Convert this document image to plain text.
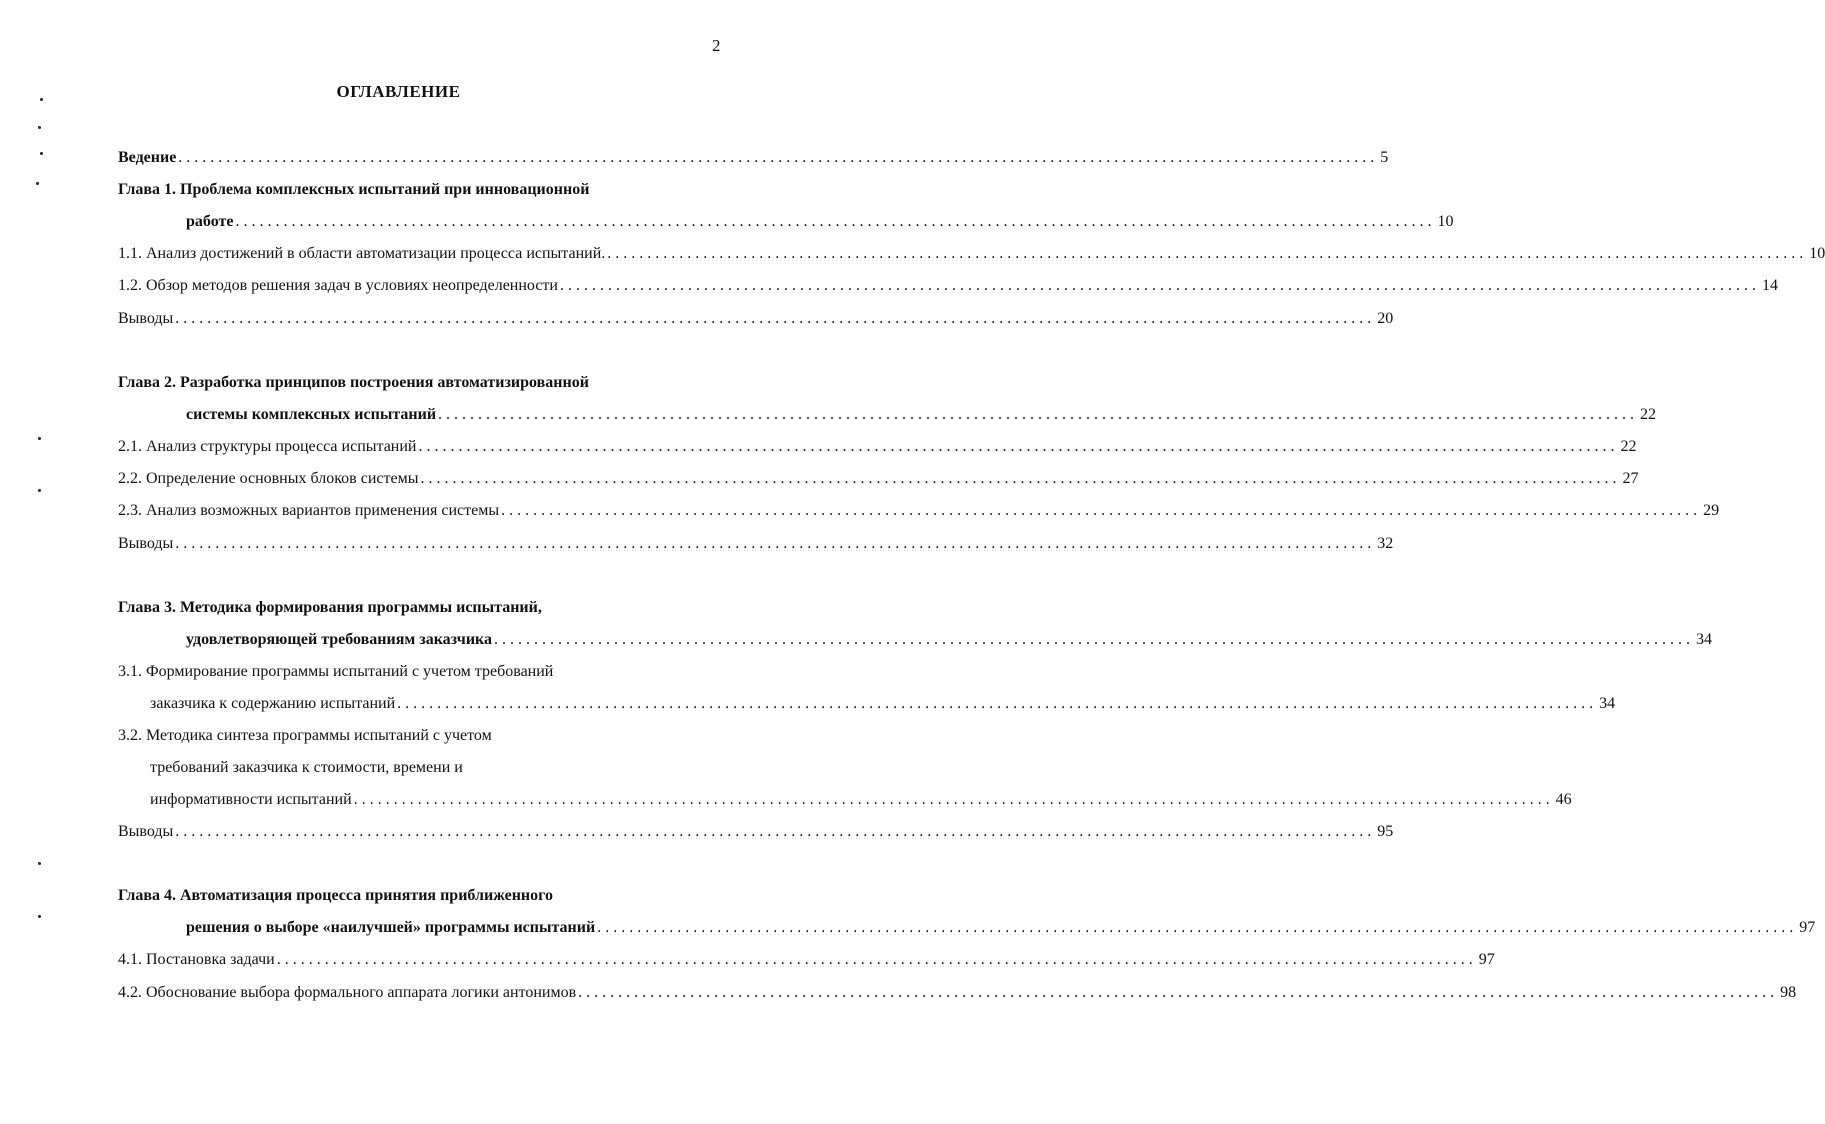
2
ОГЛАВЛЕНИЕ
Ведение ...................................................................................................................................................... 5
Глава 1. Проблема комплексных испытаний при инновационной
работе ...................................................................................................................................................... 10
1.1. Анализ достижений в области автоматизации процесса испытаний. ...................................................................................................................................................... 10
1.2. Обзор методов решения задач в условиях неопределенности ...................................................................................................................................................... 14
Выводы ...................................................................................................................................................... 20
Глава 2. Разработка принципов построения автоматизированной
системы комплексных испытаний ...................................................................................................................................................... 22
2.1. Анализ структуры процесса испытаний ...................................................................................................................................................... 22
2.2. Определение основных блоков системы ...................................................................................................................................................... 27
2.3. Анализ возможных вариантов применения системы ...................................................................................................................................................... 29
Выводы ...................................................................................................................................................... 32
Глава 3. Методика формирования программы испытаний,
удовлетворяющей требованиям заказчика ...................................................................................................................................................... 34
3.1. Формирование программы испытаний с учетом требований
заказчика к содержанию испытаний ...................................................................................................................................................... 34
3.2. Методика синтеза программы испытаний с учетом
требований заказчика к стоимости, времени и
информативности испытаний ...................................................................................................................................................... 46
Выводы ...................................................................................................................................................... 95
Глава 4. Автоматизация процесса принятия приближенного
решения о выборе «наилучшей» программы испытаний ...................................................................................................................................................... 97
4.1. Постановка задачи ...................................................................................................................................................... 97
4.2. Обоснование выбора формального аппарата логики антонимов ...................................................................................................................................................... 98
